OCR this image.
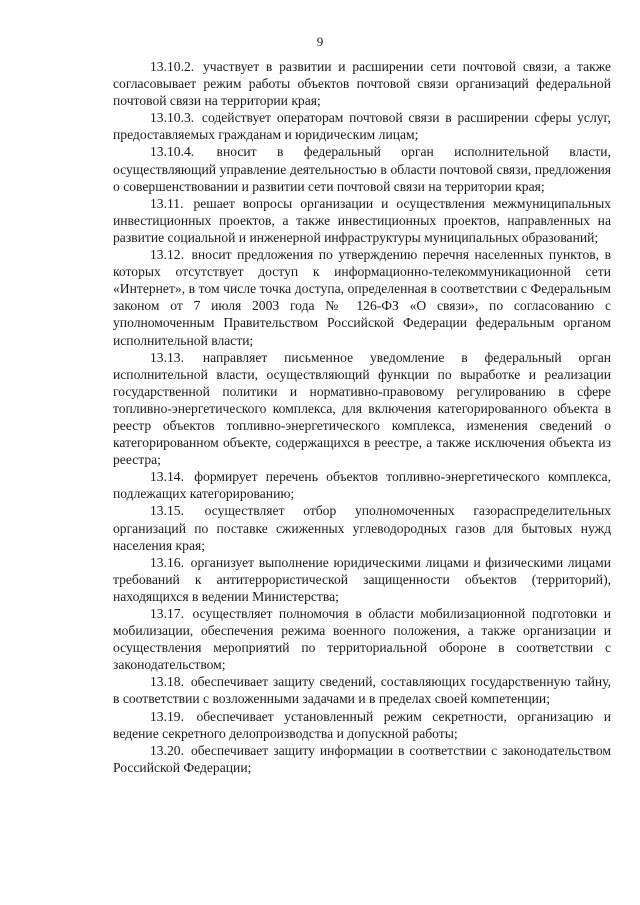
9

13.10.2. участвует в развитии и расширении сети почтовой связи, а также согласовывает режим работы объектов почтовой связи организаций федеральной почтовой связи на территории края;

13.10.3. содействует операторам почтовой связи в расширении сферы услуг, предоставляемых гражданам и юридическим лицам;

13.10.4. вносит в федеральный орган исполнительной власти, осуществляющий управление деятельностью в области почтовой связи, предложения о совершенствовании и развитии сети почтовой связи на территории края;

13.11. решает вопросы организации и осуществления межмуниципальных инвестиционных проектов, а также инвестиционных проектов, направленных на развитие социальной и инженерной инфраструктуры муниципальных образований;

13.12. вносит предложения по утверждению перечня населенных пунктов, в которых отсутствует доступ к информационно-телекоммуникационной сети «Интернет», в том числе точка доступа, определенная в соответствии с Федеральным законом от 7 июля 2003 года № 126-ФЗ «О связи», по согласованию с уполномоченным Правительством Российской Федерации федеральным органом исполнительной власти;

13.13. направляет письменное уведомление в федеральный орган исполнительной власти, осуществляющий функции по выработке и реализации государственной политики и нормативно-правовому регулированию в сфере топливно-энергетического комплекса, для включения категорированного объекта в реестр объектов топливно-энергетического комплекса, изменения сведений о категорированном объекте, содержащихся в реестре, а также исключения объекта из реестра;

13.14. формирует перечень объектов топливно-энергетического комплекса, подлежащих категорированию;

13.15. осуществляет отбор уполномоченных газораспределительных организаций по поставке сжиженных углеводородных газов для бытовых нужд населения края;

13.16. организует выполнение юридическими лицами и физическими лицами требований к антитеррористической защищенности объектов (территорий), находящихся в ведении Министерства;

13.17. осуществляет полномочия в области мобилизационной подготовки и мобилизации, обеспечения режима военного положения, а также организации и осуществления мероприятий по территориальной обороне в соответствии с законодательством;

13.18. обеспечивает защиту сведений, составляющих государственную тайну, в соответствии с возложенными задачами и в пределах своей компетенции;

13.19. обеспечивает установленный режим секретности, организацию и ведение секретного делопроизводства и допускной работы;

13.20. обеспечивает защиту информации в соответствии с законодательством Российской Федерации;
